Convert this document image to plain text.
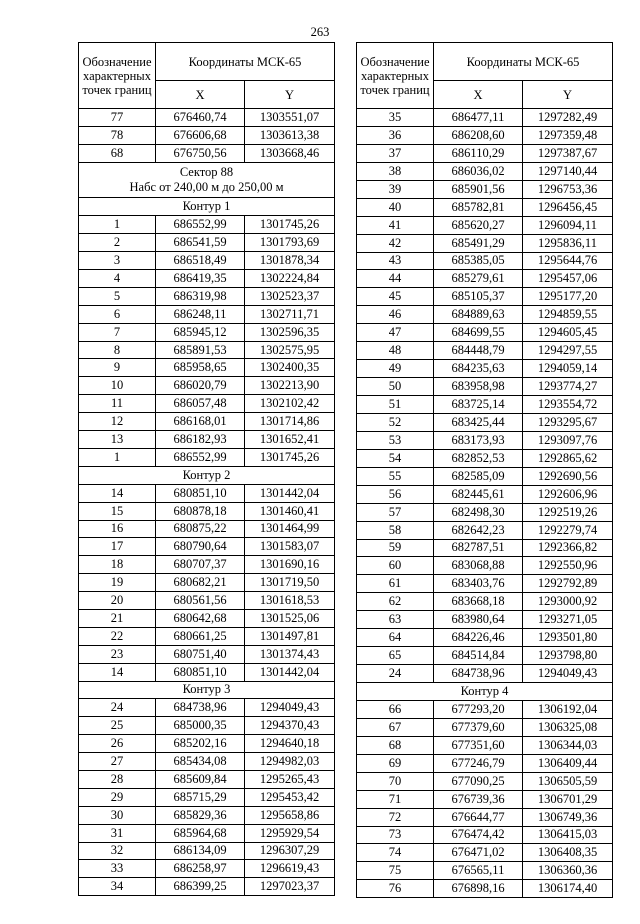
263
Обозначение характерных точек границ	Координаты МСК-65	
	X	Y
77	676460,74	1303551,07
78	676606,68	1303613,38
68	676750,56	1303668,46

Сектор 88
Набс от 240,00 м до 250,00 м		

Контур 1		
1	686552,99	1301745,26
2	686541,59	1301793,69
3	686518,49	1301878,34
4	686419,35	1302224,84
5	686319,98	1302523,37
6	686248,11	1302711,71
7	685945,12	1302596,35
8	685891,53	1302575,95
9	685958,65	1302400,35
10	686020,79	1302213,90
11	686057,48	1302102,42
12	686168,01	1301714,86
13	686182,93	1301652,41
1	686552,99	1301745,26
Контур 2		
14	680851,10	1301442,04
15	680878,18	1301460,41
16	680875,22	1301464,99
17	680790,64	1301583,07
18	680707,37	1301690,16
19	680682,21	1301719,50
20	680561,56	1301618,53
21	680642,68	1301525,06
22	680661,25	1301497,81
23	680751,40	1301374,43
14	680851,10	1301442,04
Контур 3		
24	684738,96	1294049,43
25	685000,35	1294370,43
26	685202,16	1294640,18
27	685434,08	1294982,03
28	685609,84	1295265,43
29	685715,29	1295453,42
30	685829,36	1295658,86
31	685964,68	1295929,54
32	686134,09	1296307,29
33	686258,97	1296619,43
34	686399,25	1297023,37
Обозначение характерных точек границ	Координаты МСК-65	
	X	Y
35	686477,11	1297282,49
36	686208,60	1297359,48
37	686110,29	1297387,67
38	686036,02	1297140,44
39	685901,56	1296753,36
40	685782,81	1296456,45
41	685620,27	1296094,11
42	685491,29	1295836,11
43	685385,05	1295644,76
44	685279,61	1295457,06
45	685105,37	1295177,20
46	684889,63	1294859,55
47	684699,55	1294605,45
48	684448,79	1294297,55
49	684235,63	1294059,14
50	683958,98	1293774,27
51	683725,14	1293554,72
52	683425,44	1293295,67
53	683173,93	1293097,76
54	682852,53	1292865,62
55	682585,09	1292690,56
56	682445,61	1292606,96
57	682498,30	1292519,26
58	682642,23	1292279,74
59	682787,51	1292366,82
60	683068,88	1292550,96
61	683403,76	1292792,89
62	683668,18	1293000,92
63	683980,64	1293271,05
64	684226,46	1293501,80
65	684514,84	1293798,80
24	684738,96	1294049,43
Контур 4		
66	677293,20	1306192,04
67	677379,60	1306325,08
68	677351,60	1306344,03
69	677246,79	1306409,44
70	677090,25	1306505,59
71	676739,36	1306701,29
72	676644,77	1306749,36
73	676474,42	1306415,03
74	676471,02	1306408,35
75	676565,11	1306360,36
76	676898,16	1306174,40
